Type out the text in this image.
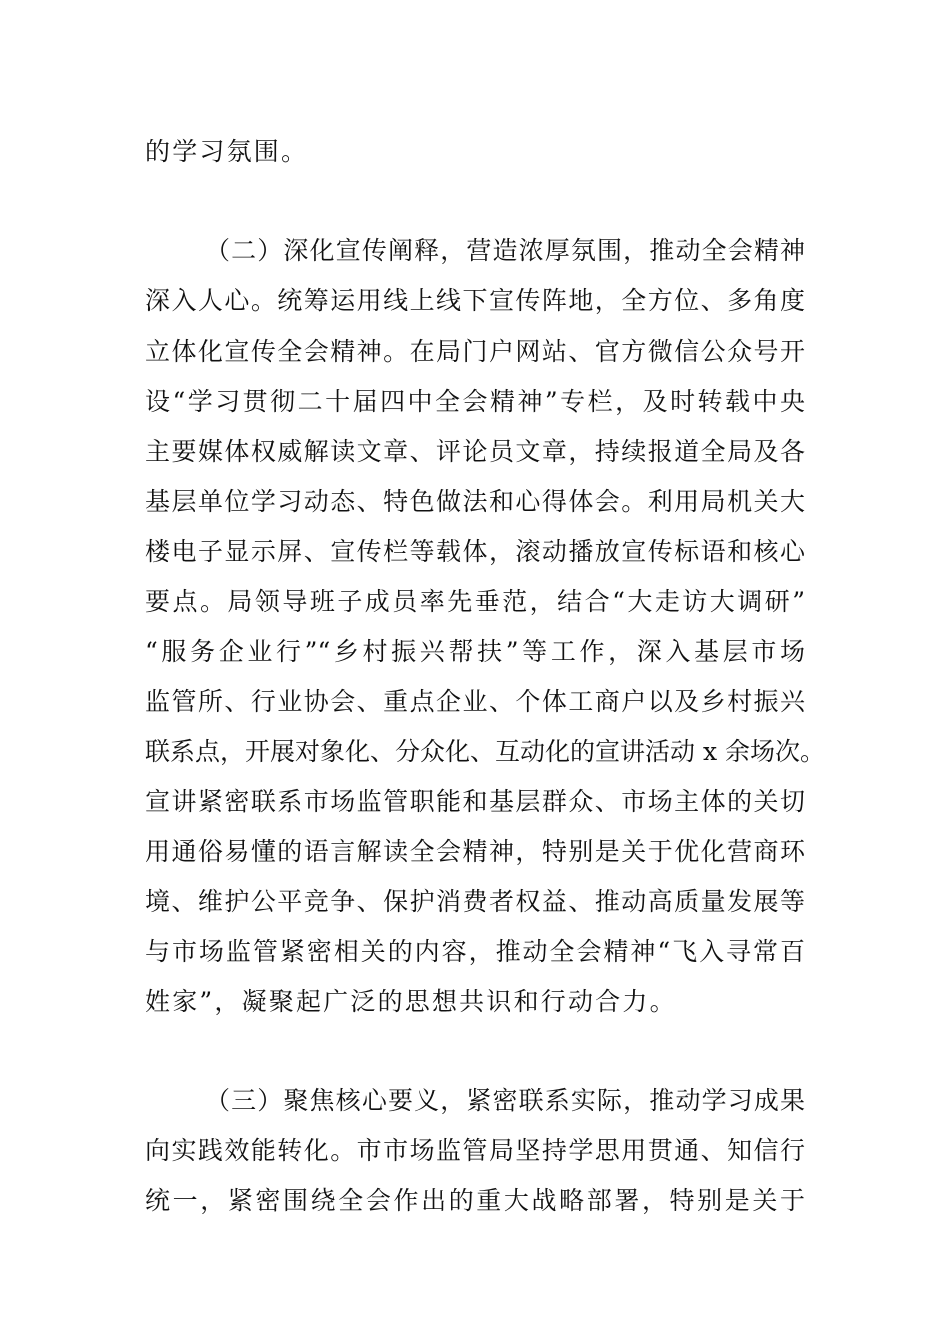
的学习氛围。

（二）深化宣传阐释，营造浓厚氛围，推动全会精神

深入人心。统筹运用线上线下宣传阵地，全方位、多角度

立体化宣传全会精神。在局门户网站、官方微信公众号开

设“学习贯彻二十届四中全会精神”专栏，及时转载中央

主要媒体权威解读文章、评论员文章，持续报道全局及各

基层单位学习动态、特色做法和心得体会。利用局机关大

楼电子显示屏、宣传栏等载体，滚动播放宣传标语和核心

要点。局领导班子成员率先垂范，结合“大走访大调研”

“服务企业行”“乡村振兴帮扶”等工作，深入基层市场

监管所、行业协会、重点企业、个体工商户以及乡村振兴

联系点，开展对象化、分众化、互动化的宣讲活动 x 余场次。

宣讲紧密联系市场监管职能和基层群众、市场主体的关切

用通俗易懂的语言解读全会精神，特别是关于优化营商环

境、维护公平竞争、保护消费者权益、推动高质量发展等

与市场监管紧密相关的内容，推动全会精神“飞入寻常百

姓家”，凝聚起广泛的思想共识和行动合力。

（三）聚焦核心要义，紧密联系实际，推动学习成果

向实践效能转化。市市场监管局坚持学思用贯通、知信行

统一，紧密围绕全会作出的重大战略部署，特别是关于
